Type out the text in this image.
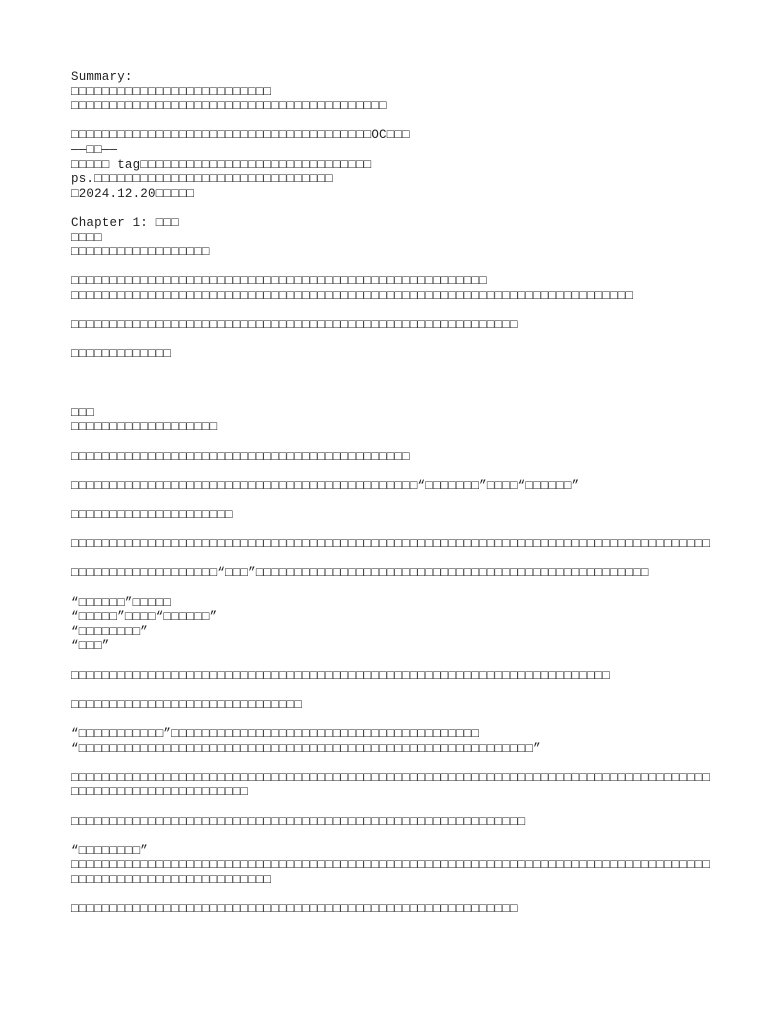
Summary:
□□□□□□□□□□□□□□□□□□□□□□□□□□
□□□□□□□□□□□□□□□□□□□□□□□□□□□□□□□□□□□□□□□□□
□□□□□□□□□□□□□□□□□□□□□□□□□□□□□□□□□□□□□□□OC□□□
——□□——
□□□□□ tag□□□□□□□□□□□□□□□□□□□□□□□□□□□□□□
ps.□□□□□□□□□□□□□□□□□□□□□□□□□□□□□□□
□2024.12.20□□□□□
Chapter 1: □□□
□□□□
□□□□□□□□□□□□□□□□□□
□□□□□□□□□□□□□□□□□□□□□□□□□□□□□□□□□□□□□□□□□□□□□□□□□□□□□□
□□□□□□□□□□□□□□□□□□□□□□□□□□□□□□□□□□□□□□□□□□□□□□□□□□□□□□□□□□□□□□□□□□□□□□□□□
□□□□□□□□□□□□□□□□□□□□□□□□□□□□□□□□□□□□□□□□□□□□□□□□□□□□□□□□□□
□□□□□□□□□□□□□
□□□
□□□□□□□□□□□□□□□□□□□
□□□□□□□□□□□□□□□□□□□□□□□□□□□□□□□□□□□□□□□□□□□□
□□□□□□□□□□□□□□□□□□□□□□□□□□□□□□□□□□□□□□□□□□□□□“□□□□□□□”□□□□“□□□□□□”
□□□□□□□□□□□□□□□□□□□□□
□□□□□□□□□□□□□□□□□□□□□□□□□□□□□□□□□□□□□□□□□□□□□□□□□□□□□□□□□□□□□□□□□□□□□□□□□□□□□□□□□□□
□□□□□□□□□□□□□□□□□□□“□□□”□□□□□□□□□□□□□□□□□□□□□□□□□□□□□□□□□□□□□□□□□□□□□□□□□□□
“□□□□□□”□□□□□
“□□□□□”□□□□“□□□□□□”
“□□□□□□□□”
“□□□”
□□□□□□□□□□□□□□□□□□□□□□□□□□□□□□□□□□□□□□□□□□□□□□□□□□□□□□□□□□□□□□□□□□□□□□
□□□□□□□□□□□□□□□□□□□□□□□□□□□□□□
“□□□□□□□□□□□”□□□□□□□□□□□□□□□□□□□□□□□□□□□□□□□□□□□□□□□□
“□□□□□□□□□□□□□□□□□□□□□□□□□□□□□□□□□□□□□□□□□□□□□□□□□□□□□□□□□□□”
□□□□□□□□□□□□□□□□□□□□□□□□□□□□□□□□□□□□□□□□□□□□□□□□□□□□□□□□□□□□□□□□□□□□□□□□□□□□□□□□□□□□□□□□□□□□□□□□□□□□□□□□□□
□□□□□□□□□□□□□□□□□□□□□□□□□□□□□□□□□□□□□□□□□□□□□□□□□□□□□□□□□□□
“□□□□□□□□”
□□□□□□□□□□□□□□□□□□□□□□□□□□□□□□□□□□□□□□□□□□□□□□□□□□□□□□□□□□□□□□□□□□□□□□□□□□□□□□□□□□□□□□□□□□□□□□□□□□□□□□□□□□□□□
□□□□□□□□□□□□□□□□□□□□□□□□□□□□□□□□□□□□□□□□□□□□□□□□□□□□□□□□□□
